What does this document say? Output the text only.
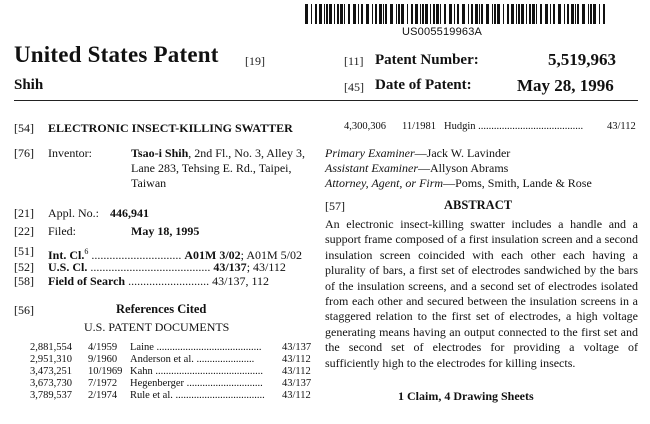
US005519963A
United States Patent [19]
Shih
[11] Patent Number:	5,519,963
[45] Date of Patent:	May 28, 1996
[54] ELECTRONIC INSECT-KILLING SWATTER
[76] Inventor:	Tsao-i Shih, 2nd Fl., No. 3, Alley 3,
Lane 283, Tehsing E. Rd., Taipei,
Taiwan
[21] Appl. No.: 446,941
[22] Filed:	May 18, 1995
[51] Int. Cl.$^6$ .............................. A01M 3/02; A01M 5/02
[52] U.S. Cl. ........................................ 43/137; 43/112
[58] Field of Search ........................... 43/137, 112
[56]	References Cited
U.S. PATENT DOCUMENTS
2,881,554 4/1959 Laine ........................................	43/137
2,951,310 9/1960 Anderson et al. ......................	43/112
3,473,251 10/1969 Kahn .........................................	43/112
3,673,730 7/1972 Hegenberger .............................	43/137
3,789,537 2/1974 Rule et al. ..................................	43/112
4,300,306 11/1981 Hudgin ........................................	43/112
Primary Examiner—Jack W. Lavinder
Assistant Examiner—Allyson Abrams
Attorney, Agent, or Firm—Poms, Smith, Lande & Rose
[57]	ABSTRACT
An electronic insect-killing swatter includes a handle and a support frame composed of a first insulation screen and a second insulation screen coincided with each other each having a plurality of bars, a first set of electrodes sandwiched by the bars of the insulation screens, and a second set of electrodes isolated from each other and secured between the insulation screens in a staggered relation to the first set of electrodes, a high voltage generating means having an output connected to the first set and the second set of electrodes for providing a voltage of sufficiently high to the electrodes for killing insects.
1 Claim, 4 Drawing Sheets
